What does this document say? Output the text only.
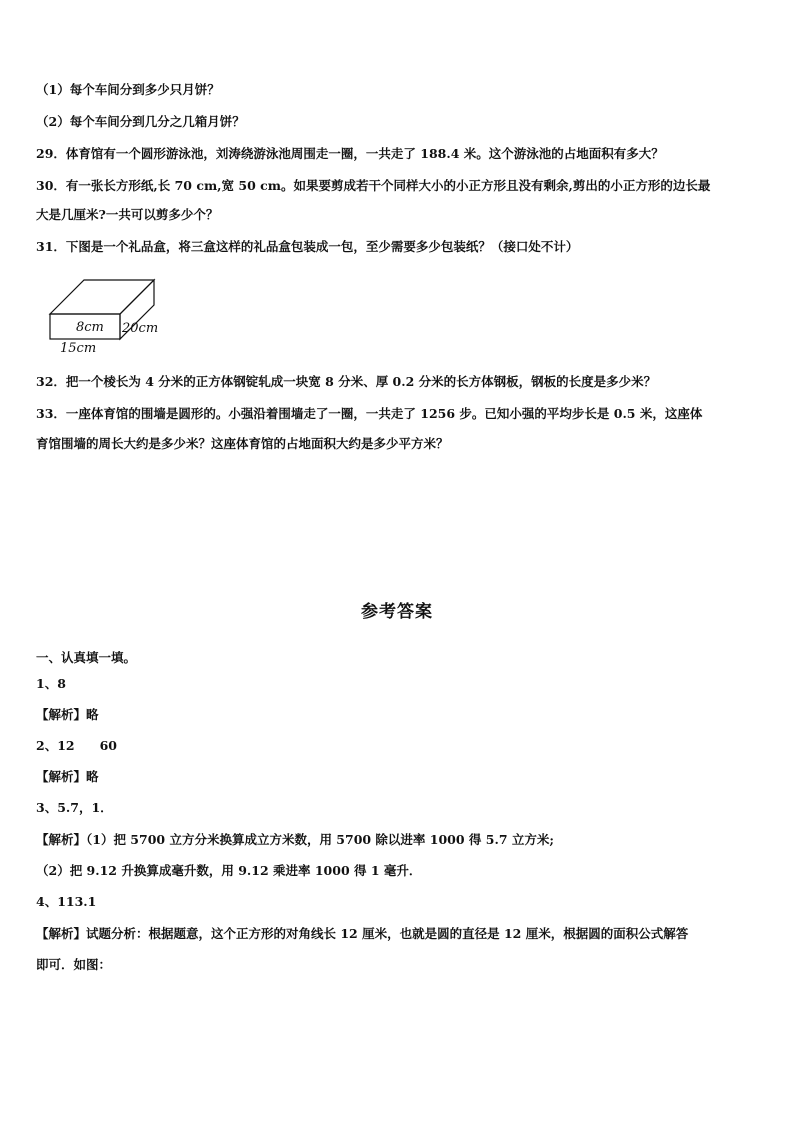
（1）每个车间分到多少只月饼？
（2）每个车间分到几分之几箱月饼？
29．体育馆有一个圆形游泳池，刘涛绕游泳池周围走一圈，一共走了 188.4 米。这个游泳池的占地面积有多大？
30．有一张长方形纸,长 70 cm,宽 50 cm。如果要剪成若干个同样大小的小正方形且没有剩余,剪出的小正方形的边长最
大是几厘米?一共可以剪多少个？
31．下图是一个礼品盒，将三盒这样的礼品盒包装成一包，至少需要多少包装纸？（接口处不计）
8cm 20cm
15cm
32．把一个棱长为 4 分米的正方体钢锭轧成一块宽 8 分米、厚 0.2 分米的长方体钢板，钢板的长度是多少米？
33．一座体育馆的围墙是圆形的。小强沿着围墙走了一圈，一共走了 1256 步。已知小强的平均步长是 0.5 米，这座体
育馆围墙的周长大约是多少米？这座体育馆的占地面积大约是多少平方米？
参考答案
一、认真填一填。
1、8
【解析】略
2、12　　60
【解析】略
3、5.7，1．
【解析】（1）把 5700 立方分米换算成立方米数，用 5700 除以进率 1000 得 5.7 立方米;
（2）把 9.12 升换算成毫升数，用 9.12 乘进率 1000 得 1 毫升．
4、113.1
【解析】试题分析：根据题意，这个正方形的对角线长 12 厘米，也就是圆的直径是 12 厘米，根据圆的面积公式解答
即可．如图：
